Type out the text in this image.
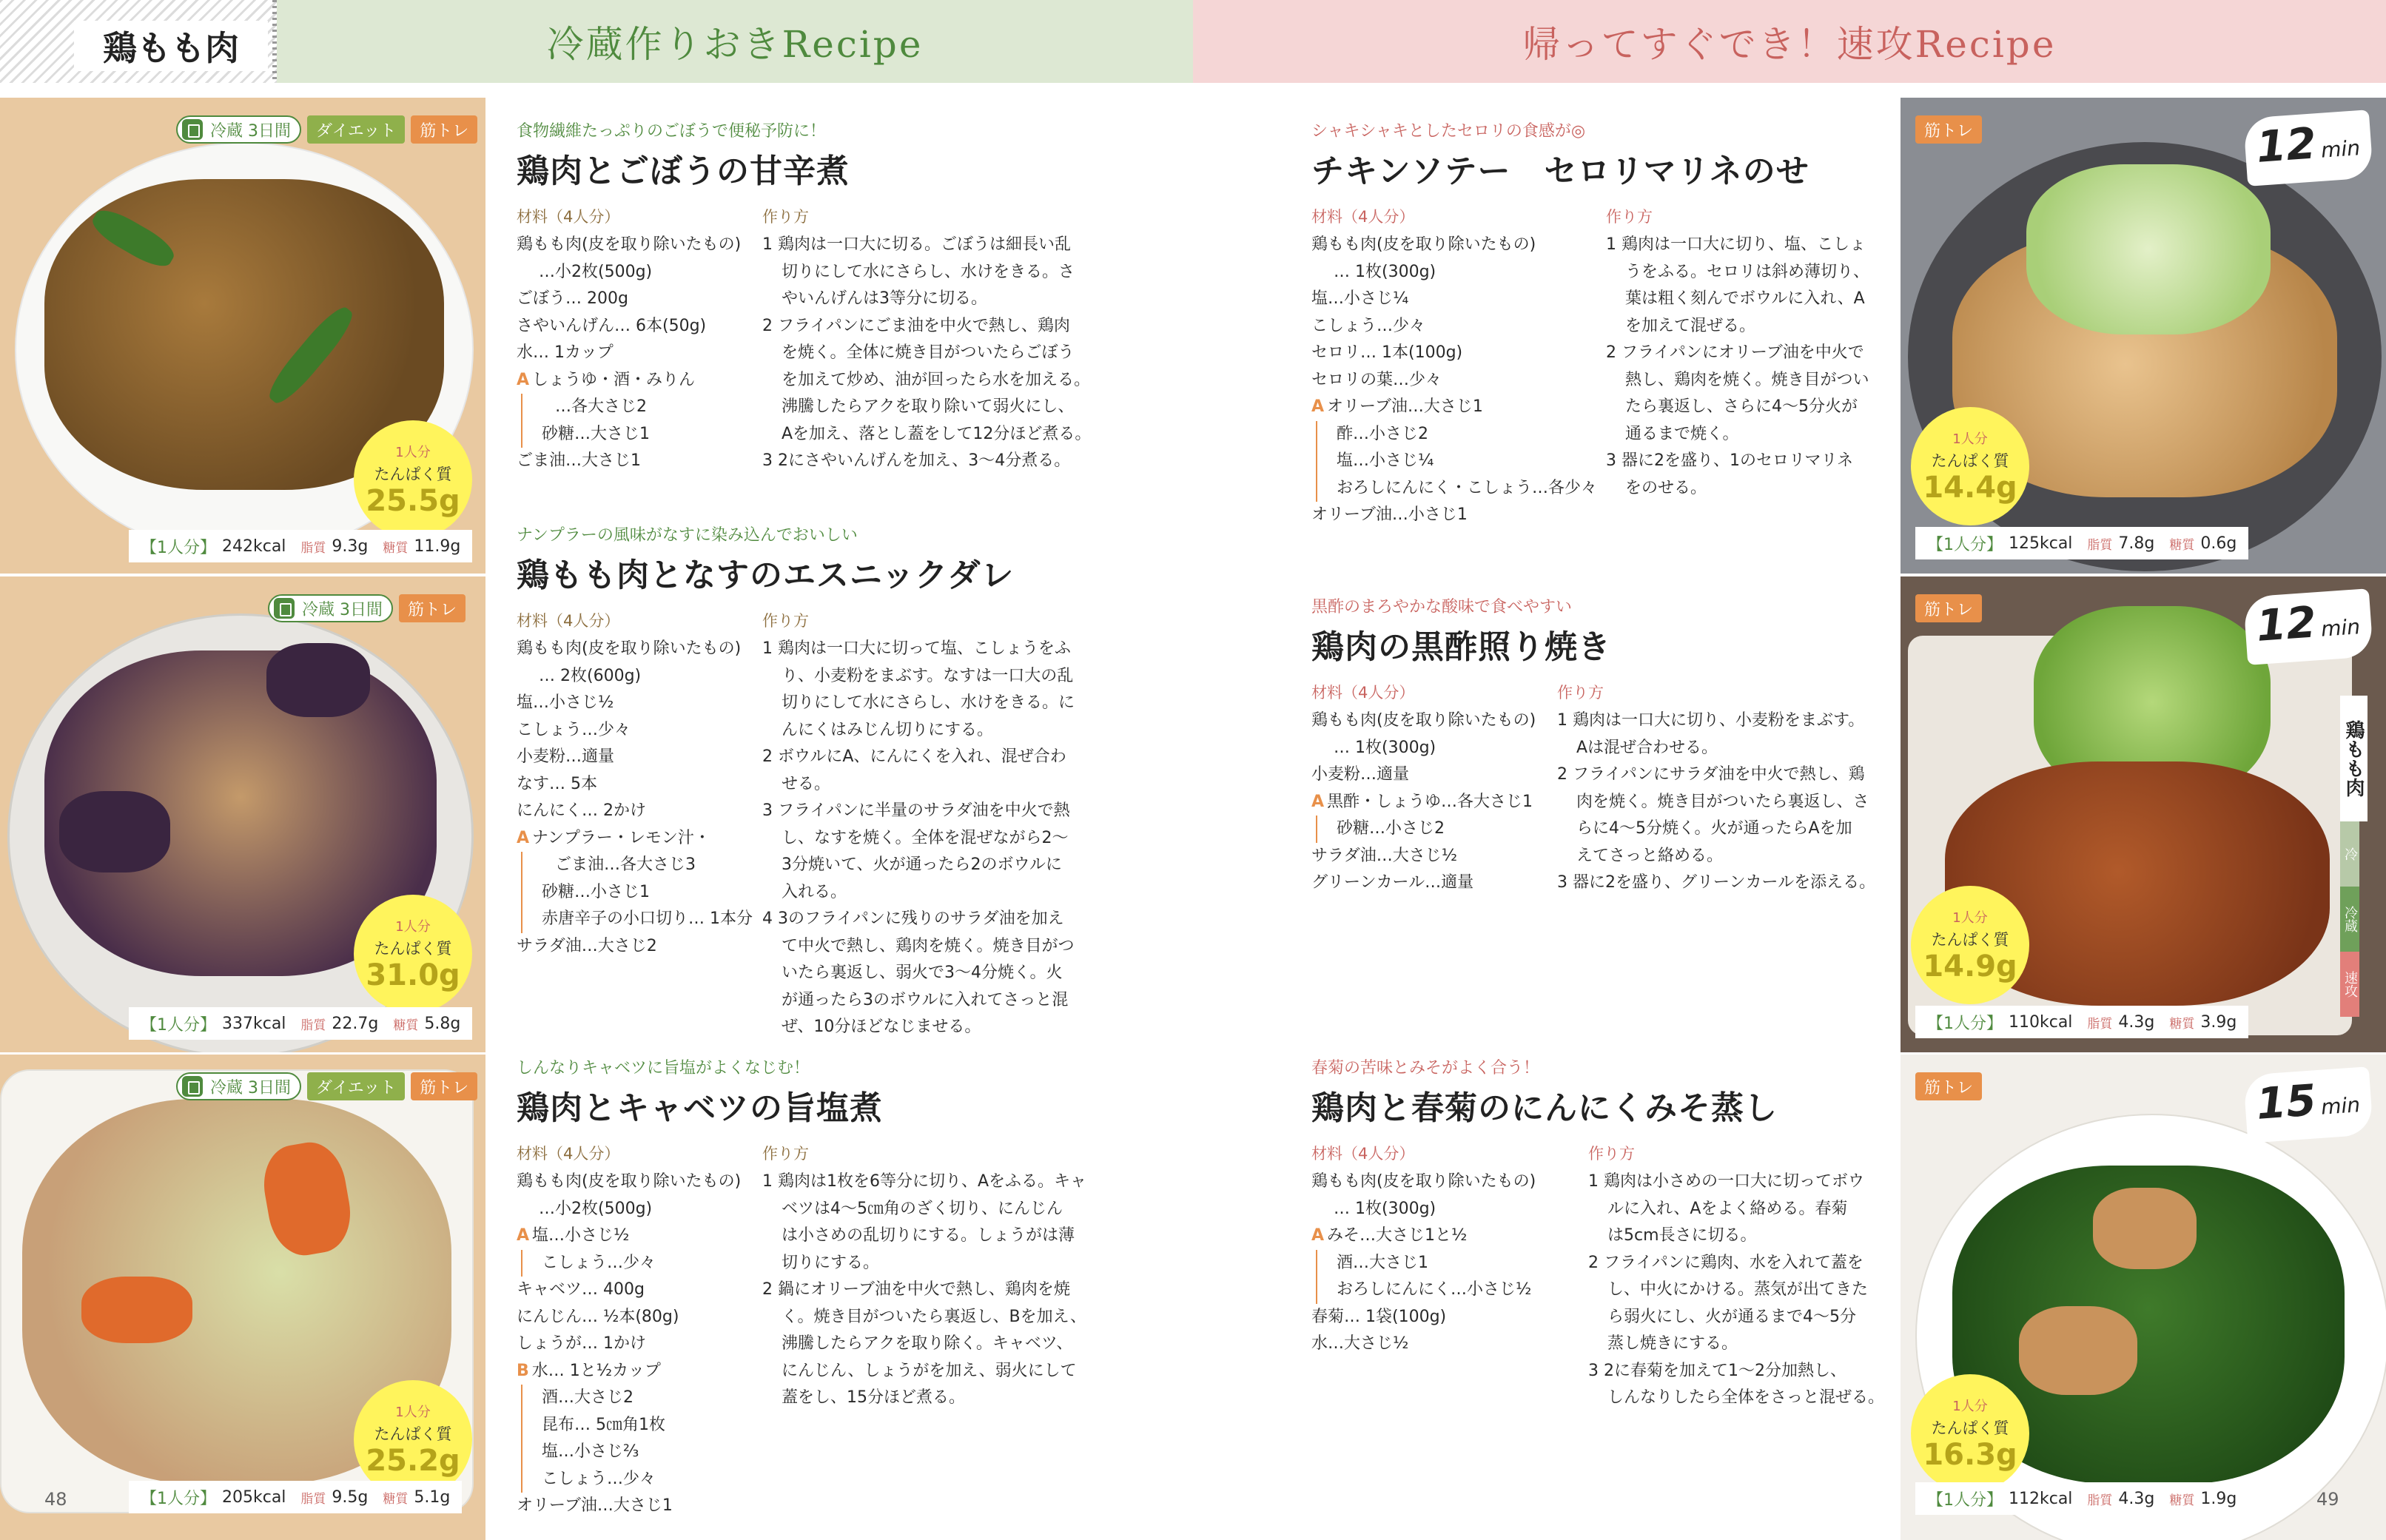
鶏もも肉	冷蔵作りおきRecipe	帰ってすぐでき！速攻Recipe
冷蔵
3日間	ダイエット	筋トレ
1人分
たんぱく質
25.5g
【1人分】 242kcal 脂質 9.3g 糖質 11.9g
冷蔵
3日間	筋トレ
1人分
たんぱく質
31.0g
【1人分】 337kcal 脂質 22.7g 糖質 5.8g
冷蔵
3日間	ダイエット	筋トレ
1人分
たんぱく質
25.2g
【1人分】 205kcal 脂質 9.5g 糖質 5.1g
食物繊維たっぷりのごぼうで便秘予防に！
鶏肉とごぼうの甘辛煮
材料（4人分）
鶏もも肉(皮を取り除いたもの)
…小2枚(500g)
ごぼう… 200g
さやいんげん… 6本(50g)
水… 1カップ
A しょうゆ・酒・みりん
…各大さじ2
砂糖…大さじ1
ごま油…大さじ1
作り方
1 鶏肉は一口大に切る。ごぼうは細長い乱
切りにして水にさらし、水けをきる。さ
やいんげんは3等分に切る。
2 フライパンにごま油を中火で熱し、鶏肉
を焼く。全体に焼き目がついたらごぼう
を加えて炒め、油が回ったら水を加える。
沸騰したらアクを取り除いて弱火にし、
Aを加え、落とし蓋をして12分ほど煮る。
3 2にさやいんげんを加え、3〜4分煮る。
ナンプラーの風味がなすに染み込んでおいしい
鶏もも肉となすのエスニックダレ
材料（4人分）
鶏もも肉(皮を取り除いたもの)
… 2枚(600g)
塩…小さじ½
こしょう…少々
小麦粉…適量
なす… 5本
にんにく… 2かけ
A ナンプラー・レモン汁・
ごま油…各大さじ3
砂糖…小さじ1
赤唐辛子の小口切り… 1本分
サラダ油…大さじ2
作り方
1 鶏肉は一口大に切って塩、こしょうをふ
り、小麦粉をまぶす。なすは一口大の乱
切りにして水にさらし、水けをきる。に
んにくはみじん切りにする。
2 ボウルにA、にんにくを入れ、混ぜ合わ
せる。
3 フライパンに半量のサラダ油を中火で熱
し、なすを焼く。全体を混ぜながら2〜
3分焼いて、火が通ったら2のボウルに
入れる。
4 3のフライパンに残りのサラダ油を加え
て中火で熱し、鶏肉を焼く。焼き目がつ
いたら裏返し、弱火で3〜4分焼く。火
が通ったら3のボウルに入れてさっと混
ぜ、10分ほどなじませる。
しんなりキャベツに旨塩がよくなじむ！
鶏肉とキャベツの旨塩煮
材料（4人分）
鶏もも肉(皮を取り除いたもの)
…小2枚(500g)
A 塩…小さじ½
こしょう…少々
キャベツ… 400g
にんじん… ½本(80g)
しょうが… 1かけ
B 水… 1と½カップ
酒…大さじ2
昆布… 5㎝角1枚
塩…小さじ⅔
こしょう…少々
オリーブ油…大さじ1
作り方
1 鶏肉は1枚を6等分に切り、Aをふる。キャ
ベツは4〜5㎝角のざく切り、にんじん
は小さめの乱切りにする。しょうがは薄
切りにする。
2 鍋にオリーブ油を中火で熱し、鶏肉を焼
く。焼き目がついたら裏返し、Bを加え、
沸騰したらアクを取り除く。キャベツ、
にんじん、しょうがを加え、弱火にして
蓋をし、15分ほど煮る。
48
シャキシャキとしたセロリの食感が◎
チキンソテー　セロリマリネのせ
材料（4人分）
鶏もも肉(皮を取り除いたもの)
… 1枚(300g)
塩…小さじ¼
こしょう…少々
セロリ… 1本(100g)
セロリの葉…少々
A オリーブ油…大さじ1
酢…小さじ2
塩…小さじ¼
おろしにんにく・こしょう…各少々
オリーブ油…小さじ1
作り方
1 鶏肉は一口大に切り、塩、こしょ
うをふる。セロリは斜め薄切り、
葉は粗く刻んでボウルに入れ、A
を加えて混ぜる。
2 フライパンにオリーブ油を中火で
熱し、鶏肉を焼く。焼き目がつい
たら裏返し、さらに4〜5分火が
通るまで焼く。
3 器に2を盛り、1のセロリマリネ
をのせる。
黒酢のまろやかな酸味で食べやすい
鶏肉の黒酢照り焼き
材料（4人分）
鶏もも肉(皮を取り除いたもの)
… 1枚(300g)
小麦粉…適量
A 黒酢・しょうゆ…各大さじ1
砂糖…小さじ2
サラダ油…大さじ½
グリーンカール…適量
作り方
1 鶏肉は一口大に切り、小麦粉をまぶす。
Aは混ぜ合わせる。
2 フライパンにサラダ油を中火で熱し、鶏
肉を焼く。焼き目がついたら裏返し、さ
らに4〜5分焼く。火が通ったらAを加
えてさっと絡める。
3 器に2を盛り、グリーンカールを添える。
春菊の苦味とみそがよく合う！
鶏肉と春菊のにんにくみそ蒸し
材料（4人分）
鶏もも肉(皮を取り除いたもの)
… 1枚(300g)
A みそ…大さじ1と½
酒…大さじ1
おろしにんにく…小さじ½
春菊… 1袋(100g)
水…大さじ½
作り方
1 鶏肉は小さめの一口大に切ってボウ
ルに入れ、Aをよく絡める。春菊
は5cm長さに切る。
2 フライパンに鶏肉、水を入れて蓋を
し、中火にかける。蒸気が出てきた
ら弱火にし、火が通るまで4〜5分
蒸し焼きにする。
3 2に春菊を加えて1〜2分加熱し、
しんなりしたら全体をさっと混ぜる。
筋トレ	12 min
1人分
たんぱく質
14.4g
【1人分】 125kcal 脂質 7.8g 糖質 0.6g
筋トレ	12 min
1人分
たんぱく質
14.9g
【1人分】 110kcal 脂質 4.3g 糖質 3.9g
筋トレ	15 min
1人分
たんぱく質
16.3g
【1人分】 112kcal 脂質 4.3g 糖質 1.9g
鶏もも肉
冷
冷蔵
速攻
49
